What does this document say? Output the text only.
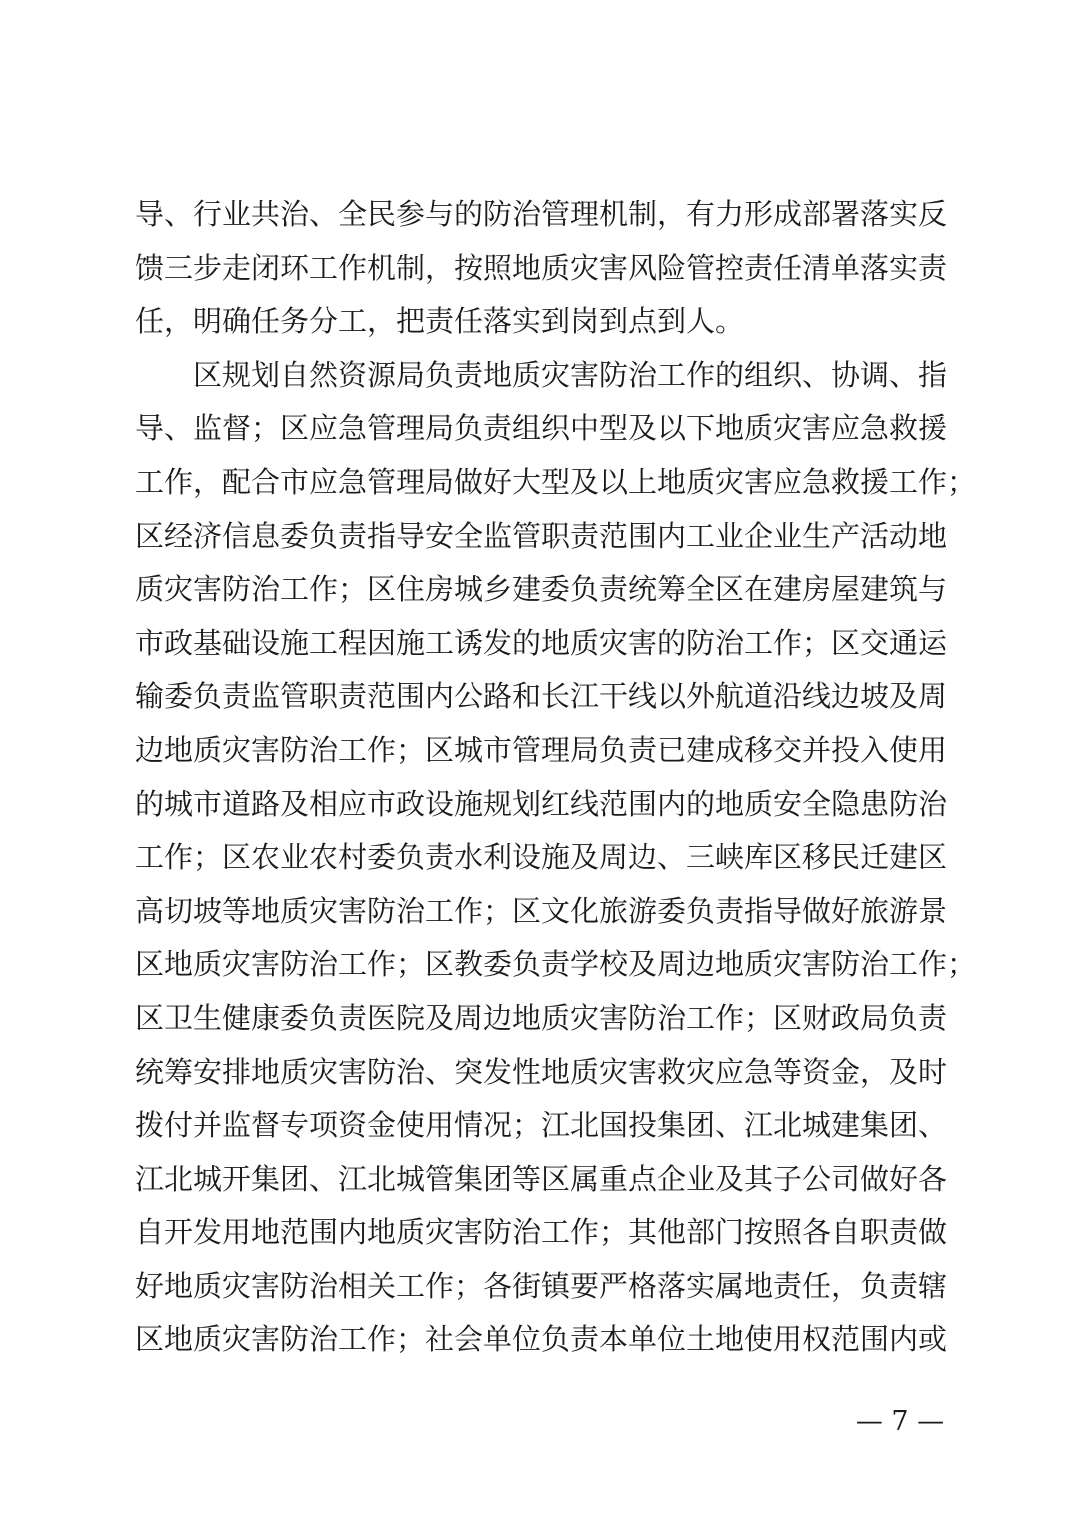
导、行业共治、全民参与的防治管理机制，有力形成部署落实反
馈三步走闭环工作机制，按照地质灾害风险管控责任清单落实责
任，明确任务分工，把责任落实到岗到点到人。
区规划自然资源局负责地质灾害防治工作的组织、协调、指
导、监督；区应急管理局负责组织中型及以下地质灾害应急救援
工作，配合市应急管理局做好大型及以上地质灾害应急救援工作；
区经济信息委负责指导安全监管职责范围内工业企业生产活动地
质灾害防治工作；区住房城乡建委负责统筹全区在建房屋建筑与
市政基础设施工程因施工诱发的地质灾害的防治工作；区交通运
输委负责监管职责范围内公路和长江干线以外航道沿线边坡及周
边地质灾害防治工作；区城市管理局负责已建成移交并投入使用
的城市道路及相应市政设施规划红线范围内的地质安全隐患防治
工作；区农业农村委负责水利设施及周边、三峡库区移民迁建区
高切坡等地质灾害防治工作；区文化旅游委负责指导做好旅游景
区地质灾害防治工作；区教委负责学校及周边地质灾害防治工作；
区卫生健康委负责医院及周边地质灾害防治工作；区财政局负责
统筹安排地质灾害防治、突发性地质灾害救灾应急等资金，及时
拨付并监督专项资金使用情况；江北国投集团、江北城建集团、
江北城开集团、江北城管集团等区属重点企业及其子公司做好各
自开发用地范围内地质灾害防治工作；其他部门按照各自职责做
好地质灾害防治相关工作；各街镇要严格落实属地责任，负责辖
区地质灾害防治工作；社会单位负责本单位土地使用权范围内或
— 7 —
